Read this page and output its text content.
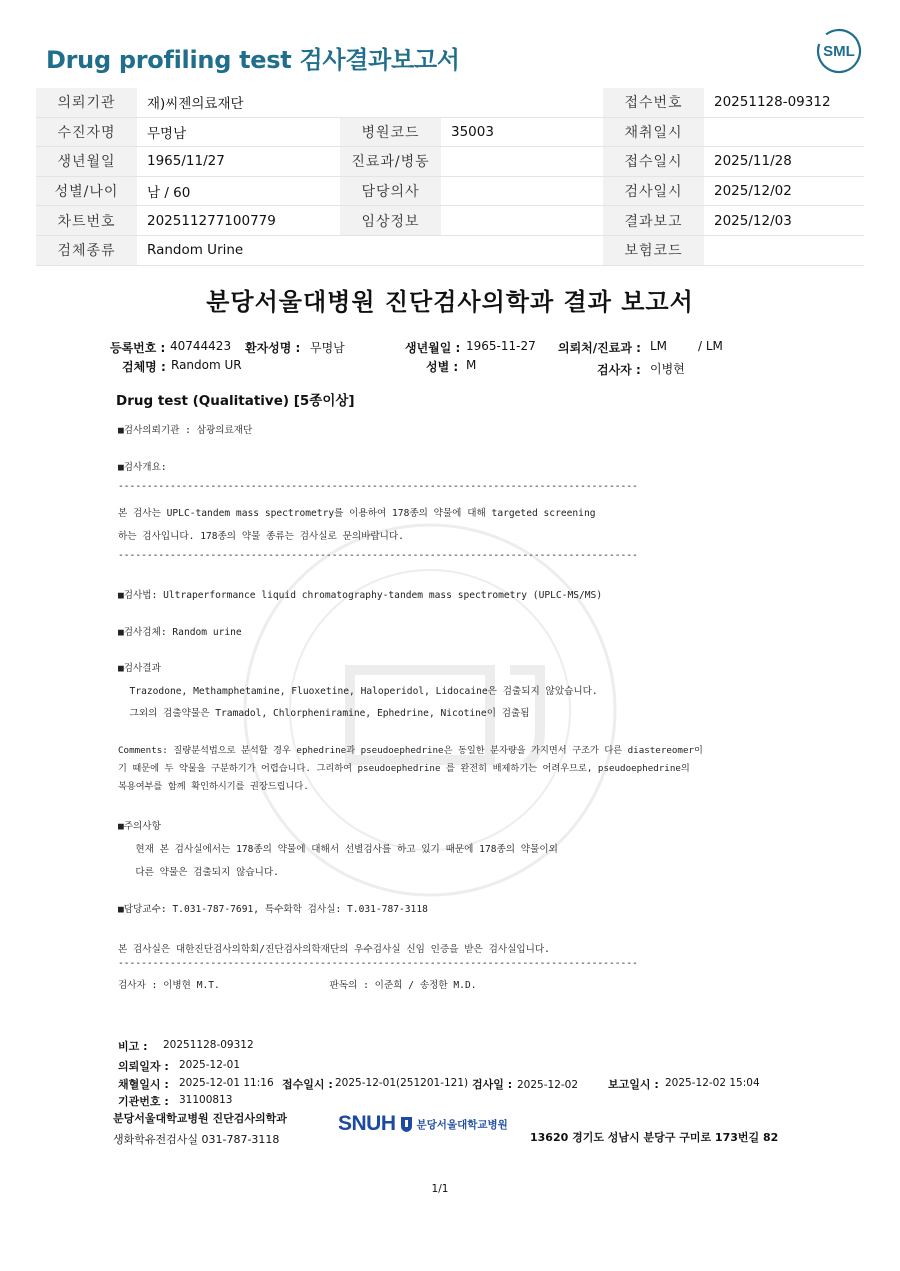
Drug profiling test 검사결과보고서	SML
의뢰기관	재)씨젠의료재단			접수번호	20251128-09312
수진자명	무명남	병원코드	35003	채취일시	
생년월일	1965/11/27	진료과/병동		접수일시	2025/11/28
성별/나이	남 / 60	담당의사		검사일시	2025/12/02
차트번호	202511277100779	임상정보		결과보고	2025/12/03
검체종류	Random Urine			보험코드	
분당서울대병원 진단검사의학과 결과 보고서
등록번호 : 40744423 환자성명 : 무명남	생년월일 : 1965-11-27 의뢰처/진료과 : LM	/ LM
검체명 : Random UR	성별 : M	검사자 : 이병현
Drug test (Qualitative) [5종이상]
■검사의뢰기관 : 삼광의료재단
■검사개요:
------------------------------------------------------------------------------------------
본 검사는 UPLC-tandem mass spectrometry를 이용하여 178종의 약물에 대해 targeted screening
하는 검사입니다. 178종의 약물 종류는 검사실로 문의바랍니다.
------------------------------------------------------------------------------------------
■검사법: Ultraperformance liquid chromatography-tandem mass spectrometry (UPLC-MS/MS)
■검사검체: Random urine
■검사결과
Trazodone, Methamphetamine, Fluoxetine, Haloperidol, Lidocaine은 검출되지 않았습니다.
그외의 검출약물은 Tramadol, Chlorpheniramine, Ephedrine, Nicotine이 검출됨
Comments: 질량분석법으로 분석할 경우 ephedrine과 pseudoephedrine은 동일한 분자량을 가지면서 구조가 다른 diastereomer이
기 때문에 두 약물을 구분하기가 어렵습니다. 그리하여 pseudoephedrine 를 완전히 배제하기는 어려우므로, pseudoephedrine의
복용여부를 함께 확인하시기를 권장드립니다.
■주의사항
현재 본 검사실에서는 178종의 약물에 대해서 선별검사를 하고 있기 때문에 178종의 약물이외
다른 약물은 검출되지 않습니다.
■담당교수: T.031-787-7691, 특수화학 검사실: T.031-787-3118
본 검사실은 대한진단검사의학회/진단검사의학재단의 우수검사실 신임 인증을 받은 검사실입니다.
------------------------------------------------------------------------------------------
검사자 : 이병현 M.T.                   판독의 : 이준희 / 송정한 M.D.
비고 : 20251128-09312
의뢰일자 : 2025-12-01
채혈일시 : 2025-12-01 11:16 접수일시 : 2025-12-01(251201-121) 검사일 : 2025-12-02	보고일시 : 2025-12-02 15:04
기관번호 : 31100813
분당서울대학교병원 진단검사의학과
생화학유전검사실 031-787-3118
SNUH 분당서울대학교병원
13620 경기도 성남시 분당구 구미로 173번길 82
1/1
